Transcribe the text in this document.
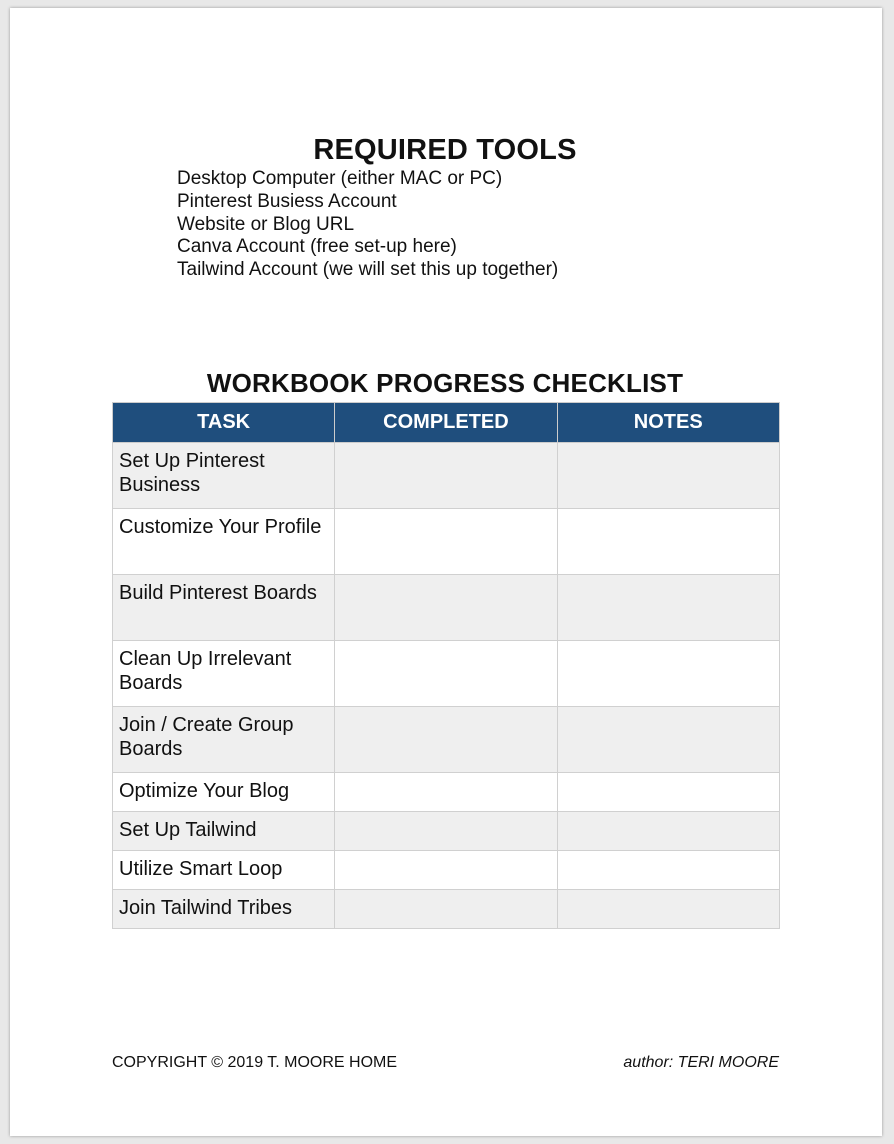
REQUIRED TOOLS
Desktop Computer (either MAC or PC)
Pinterest Busiess Account
Website or Blog URL
Canva Account (free set-up here)
Tailwind Account (we will set this up together)
WORKBOOK PROGRESS CHECKLIST
TASK	COMPLETED	NOTES
Set Up Pinterest Business		
Customize Your Profile		
Build Pinterest Boards		
Clean Up Irrelevant Boards		
Join / Create Group Boards		
Optimize Your Blog		
Set Up Tailwind		
Utilize Smart Loop		
Join Tailwind Tribes		
COPYRIGHT © 2019 T. MOORE HOME	author: TERI MOORE
